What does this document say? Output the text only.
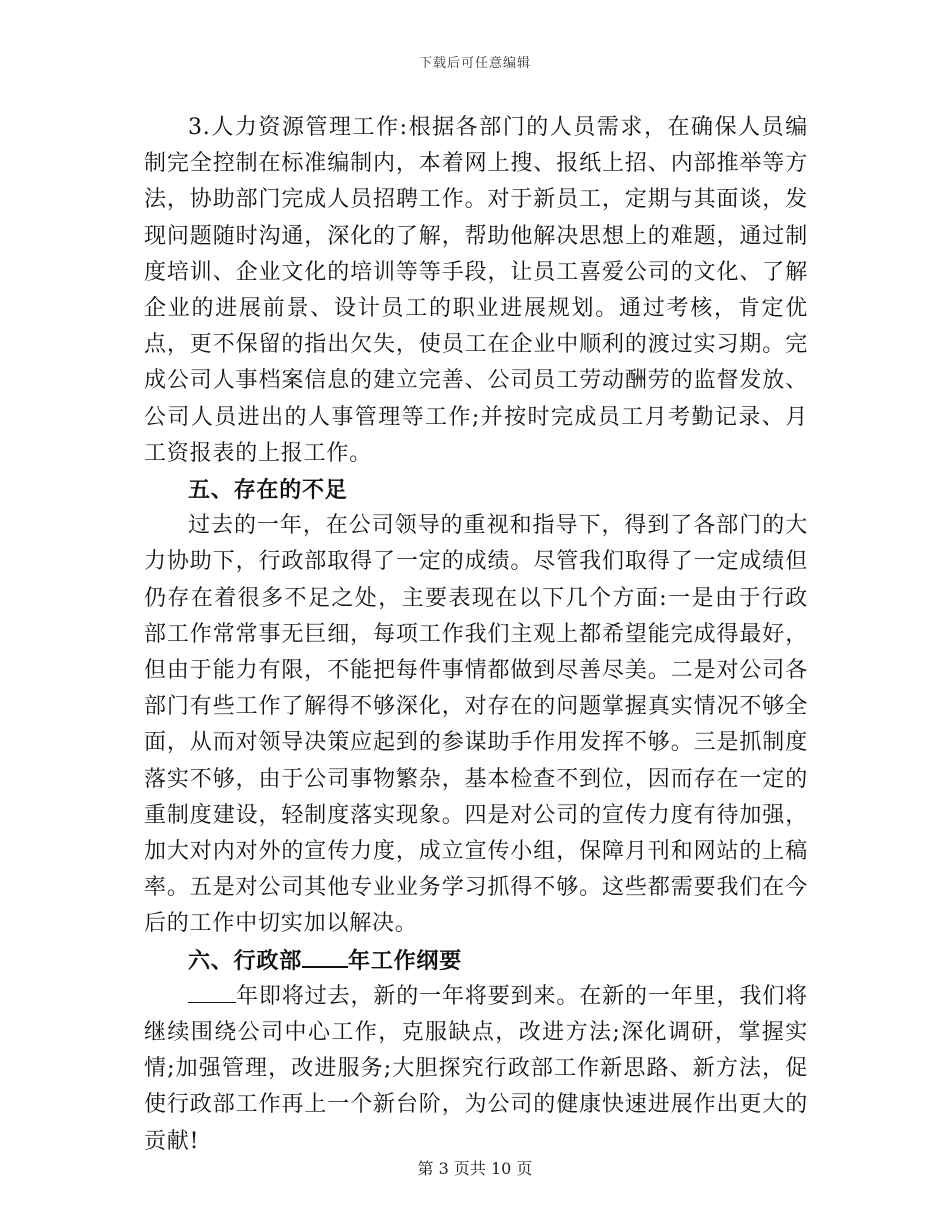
下载后可任意编辑

3.人力资源管理工作:根据各部门的人员需求，在确保人员编制完全控制在标准编制内，本着网上搜、报纸上招、内部推举等方法，协助部门完成人员招聘工作。对于新员工，定期与其面谈，发现问题随时沟通，深化的了解，帮助他解决思想上的难题，通过制度培训、企业文化的培训等等手段，让员工喜爱公司的文化、了解企业的进展前景、设计员工的职业进展规划。通过考核，肯定优点，更不保留的指出欠失，使员工在企业中顺利的渡过实习期。完成公司人事档案信息的建立完善、公司员工劳动酬劳的监督发放、公司人员进出的人事管理等工作;并按时完成员工月考勤记录、月工资报表的上报工作。

五、存在的不足

过去的一年，在公司领导的重视和指导下，得到了各部门的大力协助下，行政部取得了一定的成绩。尽管我们取得了一定成绩但仍存在着很多不足之处，主要表现在以下几个方面:一是由于行政部工作常常事无巨细，每项工作我们主观上都希望能完成得最好，但由于能力有限，不能把每件事情都做到尽善尽美。二是对公司各部门有些工作了解得不够深化，对存在的问题掌握真实情况不够全面，从而对领导决策应起到的参谋助手作用发挥不够。三是抓制度落实不够，由于公司事物繁杂，基本检查不到位，因而存在一定的重制度建设，轻制度落实现象。四是对公司的宣传力度有待加强，加大对内对外的宣传力度，成立宣传小组，保障月刊和网站的上稿率。五是对公司其他专业业务学习抓得不够。这些都需要我们在今后的工作中切实加以解决。

六、行政部 年工作纲要

年即将过去，新的一年将要到来。在新的一年里，我们将继续围绕公司中心工作，克服缺点，改进方法;深化调研，掌握实情;加强管理，改进服务;大胆探究行政部工作新思路、新方法，促使行政部工作再上一个新台阶，为公司的健康快速进展作出更大的贡献!

第 3 页共 10 页
